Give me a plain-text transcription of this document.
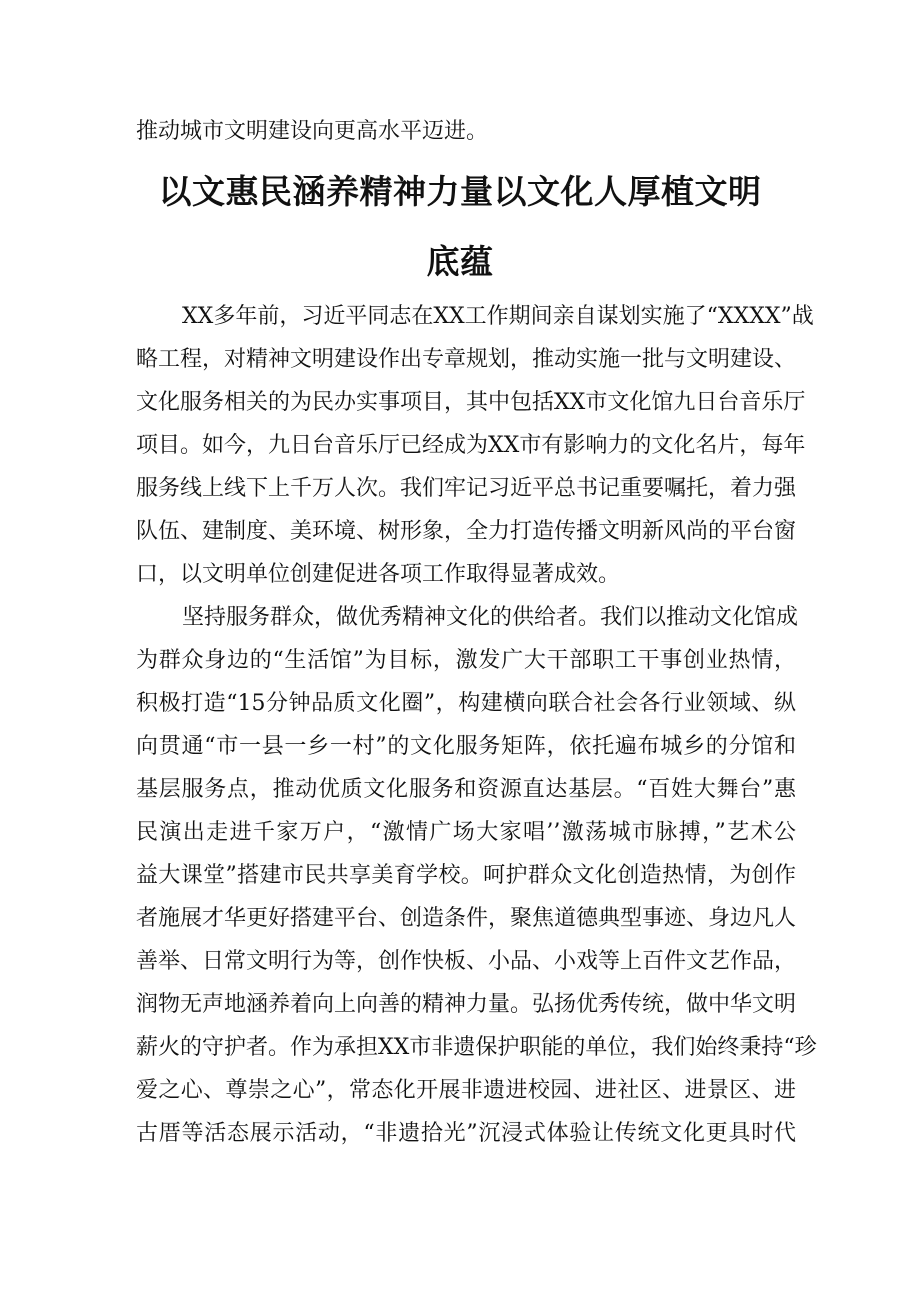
推动城市文明建设向更高水平迈进。
以文惠民涵养精神力量以文化人厚植文明
底蕴
XX多年前，习近平同志在XX工作期间亲自谋划实施了“XXXX”战
略工程，对精神文明建设作出专章规划，推动实施一批与文明建设、
文化服务相关的为民办实事项目，其中包括XX市文化馆九日台音乐厅
项目。如今，九日台音乐厅已经成为XX市有影响力的文化名片，每年
服务线上线下上千万人次。我们牢记习近平总书记重要嘱托，着力强
队伍、建制度、美环境、树形象，全力打造传播文明新风尚的平台窗
口，以文明单位创建促进各项工作取得显著成效。
坚持服务群众，做优秀精神文化的供给者。我们以推动文化馆成
为群众身边的“生活馆”为目标，激发广大干部职工干事创业热情，
积极打造“15分钟品质文化圈”，构建横向联合社会各行业领域、纵
向贯通“市一县一乡一村”的文化服务矩阵，依托遍布城乡的分馆和
基层服务点，推动优质文化服务和资源直达基层。“百姓大舞台”惠
民演出走进千家万户，“激情广场大家唱’’激荡城市脉搏，”艺术公
益大课堂”搭建市民共享美育学校。呵护群众文化创造热情，为创作
者施展才华更好搭建平台、创造条件，聚焦道德典型事迹、身边凡人
善举、日常文明行为等，创作快板、小品、小戏等上百件文艺作品，
润物无声地涵养着向上向善的精神力量。弘扬优秀传统，做中华文明
薪火的守护者。作为承担XX市非遗保护职能的单位，我们始终秉持“珍
爱之心、尊崇之心”，常态化开展非遗进校园、进社区、进景区、进
古厝等活态展示活动，“非遗拾光”沉浸式体验让传统文化更具时代
